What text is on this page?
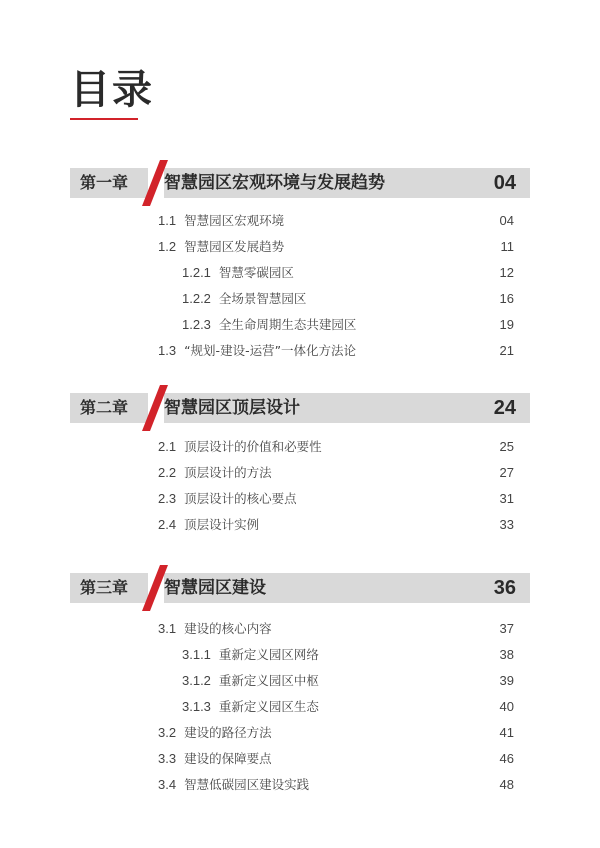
目录
第一章 智慧园区宏观环境与发展趋势	04
1.1 智慧园区宏观环境	04
1.2 智慧园区发展趋势	11
1.2.1 智慧零碳园区	12
1.2.2 全场景智慧园区	16
1.2.3 全生命周期生态共建园区	19
1.3 “规划-建设-运营”一体化方法论	21
第二章 智慧园区顶层设计	24
2.1 顶层设计的价值和必要性	25
2.2 顶层设计的方法	27
2.3 顶层设计的核心要点	31
2.4 顶层设计实例	33
第三章 智慧园区建设	36
3.1 建设的核心内容	37
3.1.1 重新定义园区网络	38
3.1.2 重新定义园区中枢	39
3.1.3 重新定义园区生态	40
3.2 建设的路径方法	41
3.3 建设的保障要点	46
3.4 智慧低碳园区建设实践	48
